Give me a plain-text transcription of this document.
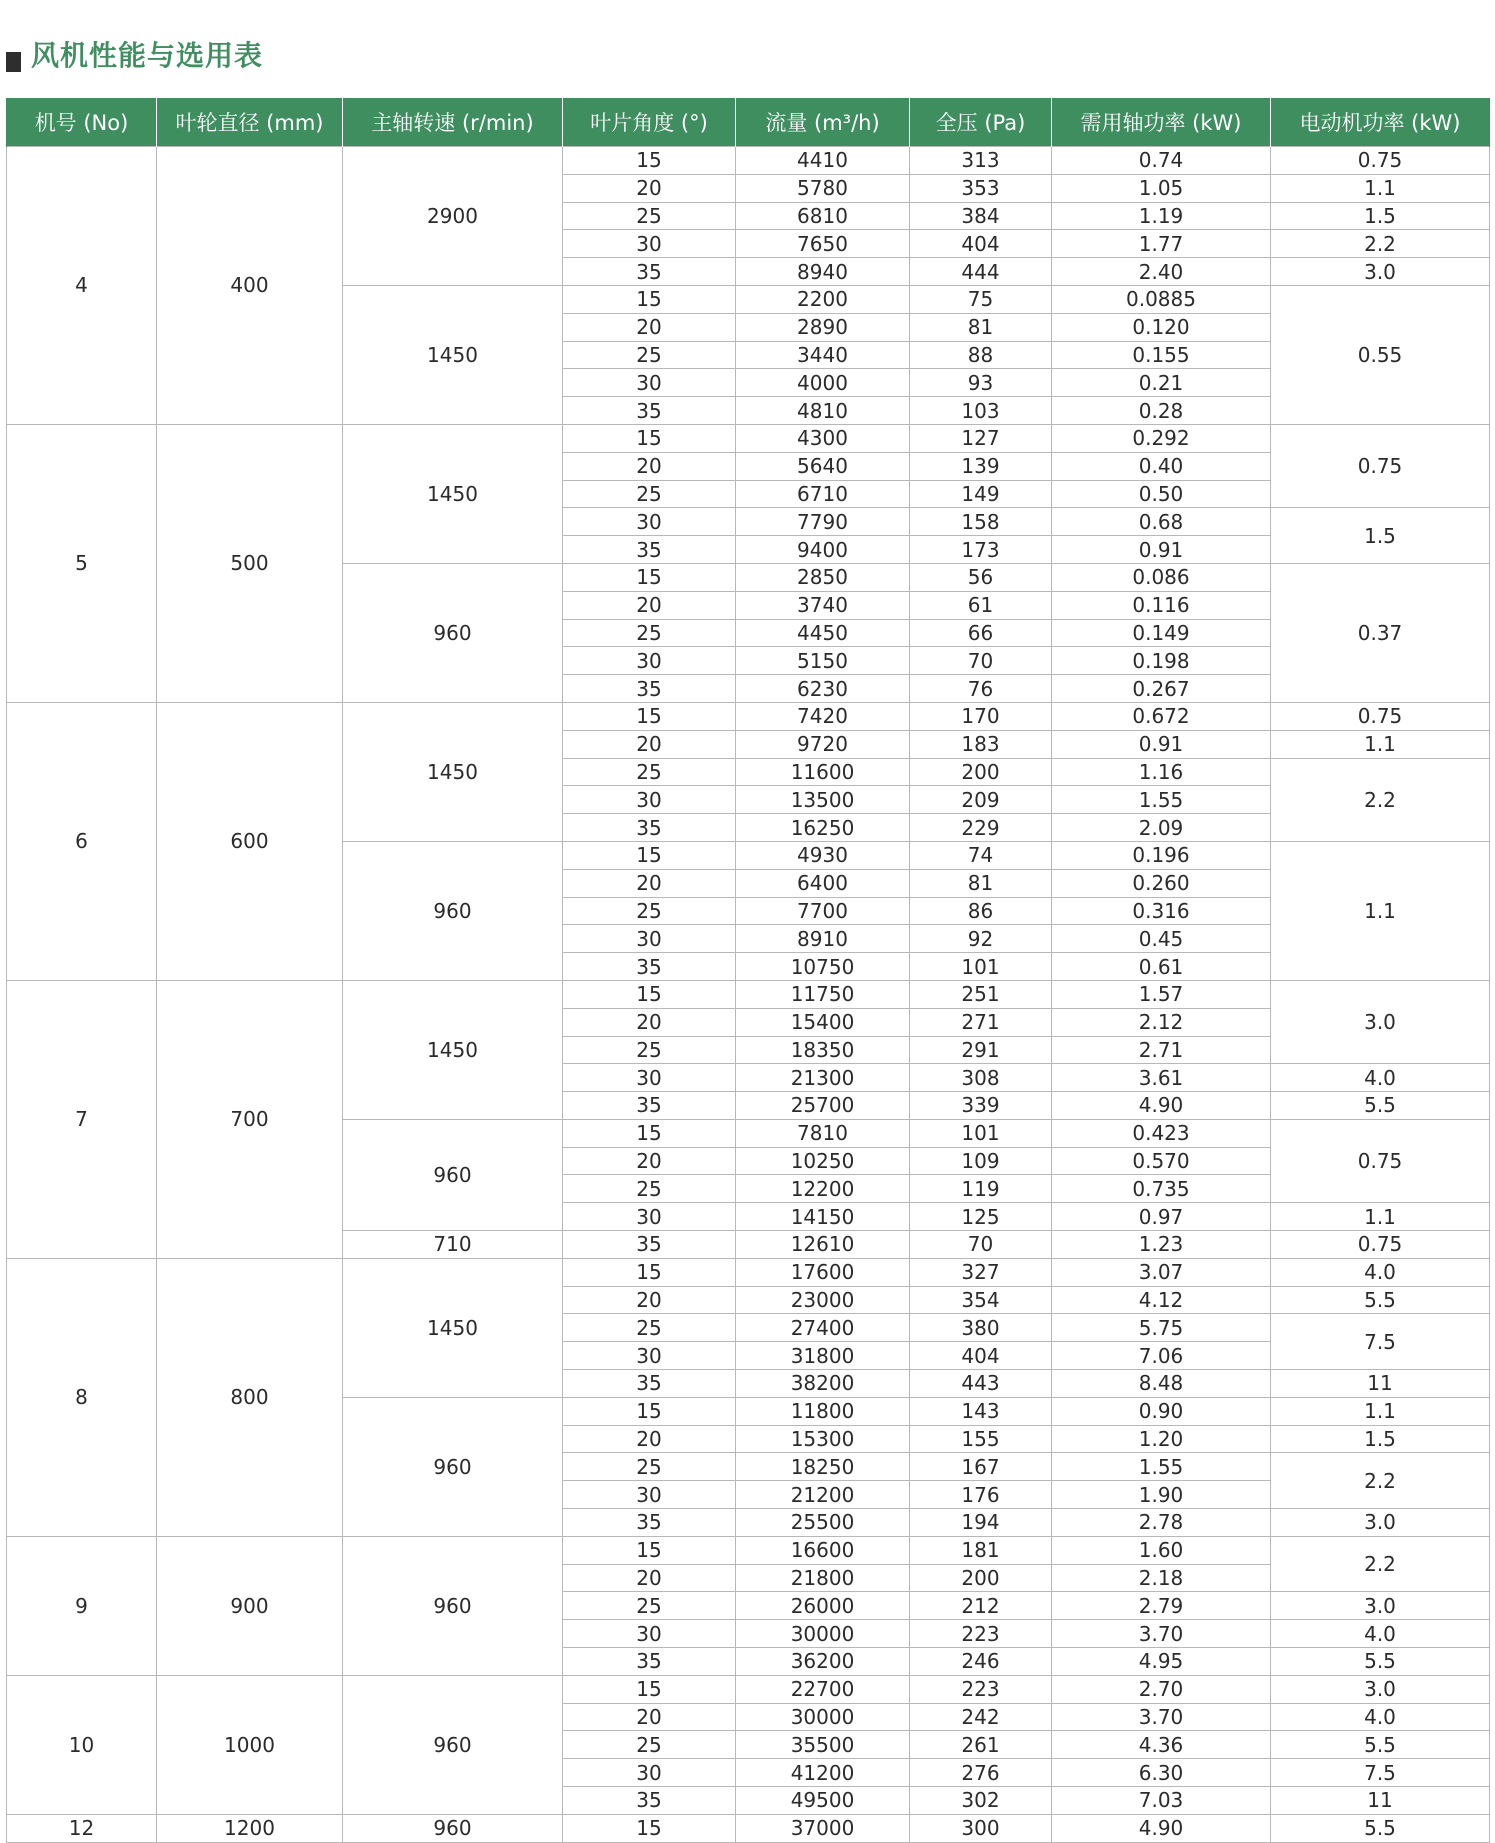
风机性能与选用表
机号 (No)	叶轮直径 (mm)	主轴转速 (r/min)	叶片角度 (°)	流量 (m³/h)	全压 (Pa)	需用轴功率 (kW)	电动机功率 (kW)
4	400	2900	15	4410	313	0.74	0.75
			20	5780	353	1.05	1.1
			25	6810	384	1.19	1.5
			30	7650	404	1.77	2.2
			35	8940	444	2.40	3.0
		1450	15	2200	75	0.0885	0.55
			20	2890	81	0.120	
			25	3440	88	0.155	
			30	4000	93	0.21	
			35	4810	103	0.28	
5	500	1450	15	4300	127	0.292	0.75
			20	5640	139	0.40	
			25	6710	149	0.50	
			30	7790	158	0.68	1.5
			35	9400	173	0.91	
		960	15	2850	56	0.086	0.37
			20	3740	61	0.116	
			25	4450	66	0.149	
			30	5150	70	0.198	
			35	6230	76	0.267	
6	600	1450	15	7420	170	0.672	0.75
			20	9720	183	0.91	1.1
			25	11600	200	1.16	2.2
			30	13500	209	1.55	
			35	16250	229	2.09	
		960	15	4930	74	0.196	1.1
			20	6400	81	0.260	
			25	7700	86	0.316	
			30	8910	92	0.45	
			35	10750	101	0.61	
7	700	1450	15	11750	251	1.57	3.0
			20	15400	271	2.12	
			25	18350	291	2.71	
			30	21300	308	3.61	4.0
			35	25700	339	4.90	5.5
		960	15	7810	101	0.423	0.75
			20	10250	109	0.570	
			25	12200	119	0.735	
			30	14150	125	0.97	1.1
		710	35	12610	70	1.23	0.75
8	800	1450	15	17600	327	3.07	4.0
			20	23000	354	4.12	5.5
			25	27400	380	5.75	7.5
			30	31800	404	7.06	
			35	38200	443	8.48	11
		960	15	11800	143	0.90	1.1
			20	15300	155	1.20	1.5
			25	18250	167	1.55	2.2
			30	21200	176	1.90	
			35	25500	194	2.78	3.0
9	900	960	15	16600	181	1.60	2.2
			20	21800	200	2.18	
			25	26000	212	2.79	3.0
			30	30000	223	3.70	4.0
			35	36200	246	4.95	5.5
10	1000	960	15	22700	223	2.70	3.0
			20	30000	242	3.70	4.0
			25	35500	261	4.36	5.5
			30	41200	276	6.30	7.5
			35	49500	302	7.03	11
12	1200	960	15	37000	300	4.90	5.5
